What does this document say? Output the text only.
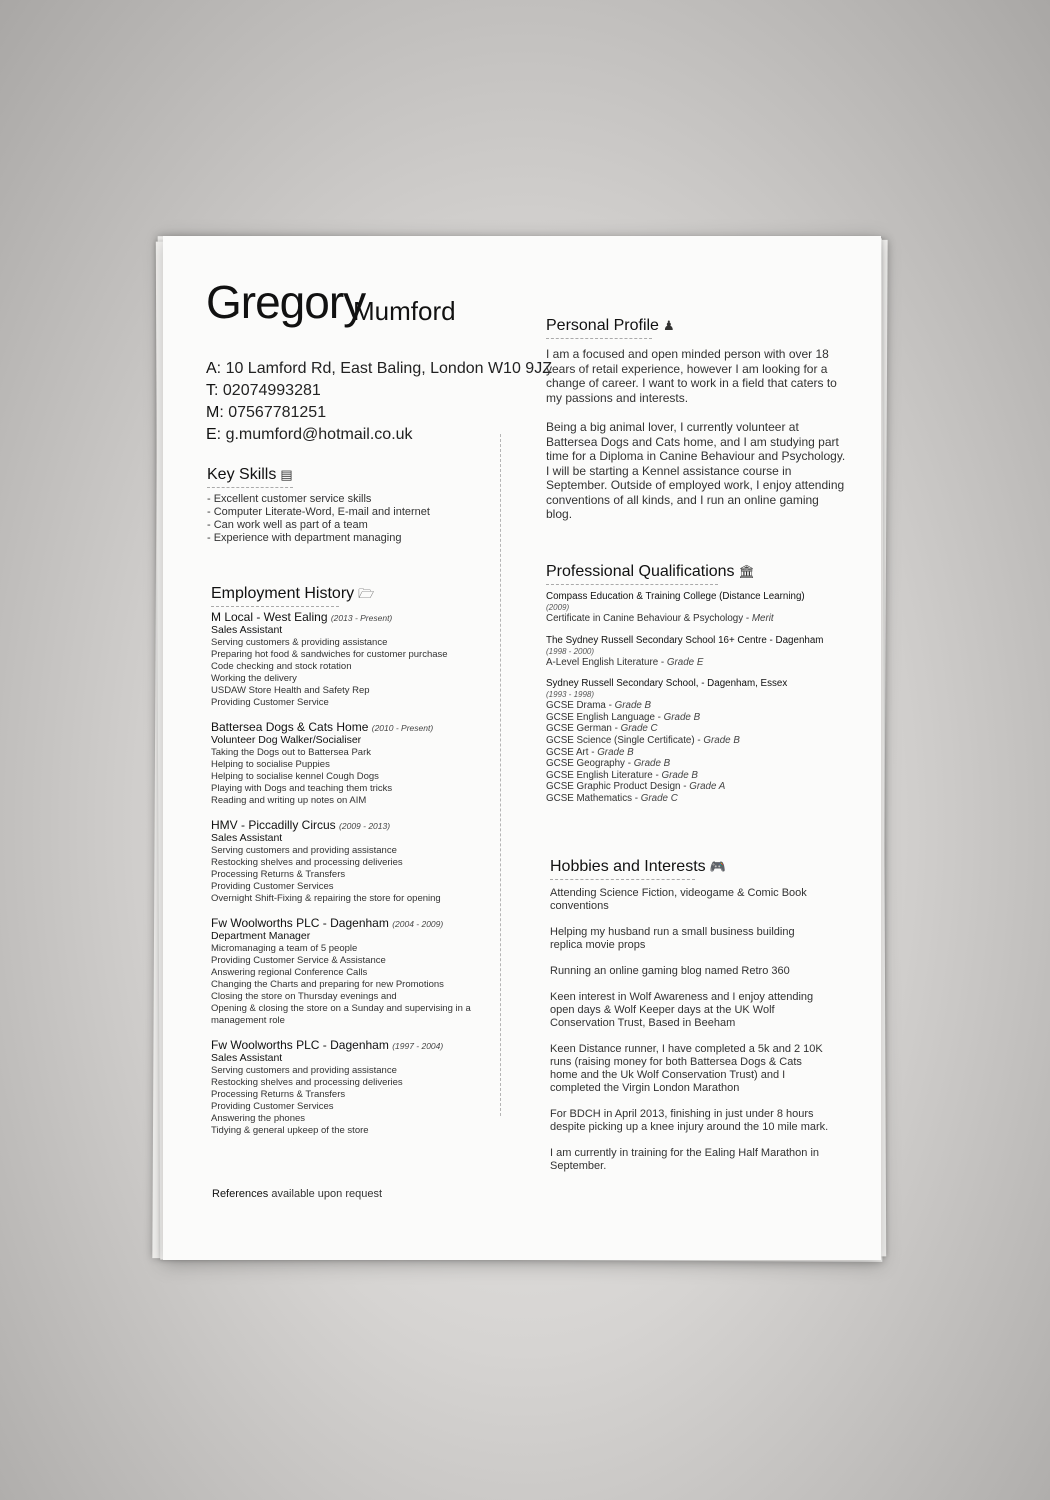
Gregory
Mumford
A: 10 Lamford Rd, East Baling, London W10 9JZ
T: 02074993281
M: 07567781251
E: g.mumford@hotmail.co.uk
Key Skills ▤
- Excellent customer service skills
- Computer Literate-Word, E-mail and internet
- Can work well as part of a team
- Experience with department managing
Employment History 🗁
M Local - West Ealing (2013 - Present)
Sales Assistant
Serving customers & providing assistance
Preparing hot food & sandwiches for customer purchase
Code checking and stock rotation
Working the delivery
USDAW Store Health and Safety Rep
Providing Customer Service
Battersea Dogs & Cats Home (2010 - Present)
Volunteer Dog Walker/Socialiser
Taking the Dogs out to Battersea Park
Helping to socialise Puppies
Helping to socialise kennel Cough Dogs
Playing with Dogs and teaching them tricks
Reading and writing up notes on AIM
HMV - Piccadilly Circus (2009 - 2013)
Sales Assistant
Serving customers and providing assistance
Restocking shelves and processing deliveries
Processing Returns & Transfers
Providing Customer Services
Overnight Shift-Fixing & repairing the store for opening
Fw Woolworths PLC - Dagenham (2004 - 2009)
Department Manager
Micromanaging a team of 5 people
Providing Customer Service & Assistance
Answering regional Conference Calls
Changing the Charts and preparing for new Promotions
Closing the store on Thursday evenings and
Opening & closing the store on a Sunday and supervising in a
management role
Fw Woolworths PLC - Dagenham (1997 - 2004)
Sales Assistant
Serving customers and providing assistance
Restocking shelves and processing deliveries
Processing Returns & Transfers
Providing Customer Services
Answering the phones
Tidying & general upkeep of the store
References available upon request
Personal Profile ♟

I am a focused and open minded person with over 18 years of retail experience, however I am looking for a change of career. I want to work in a field that caters to my passions and interests.

Being a big animal lover, I currently volunteer at Battersea Dogs and Cats home, and I am studying part time for a Diploma in Canine Behaviour and Psychology. I will be starting a Kennel assistance course in September. Outside of employed work, I enjoy attending conventions of all kinds, and I run an online gaming blog.

Professional Qualifications 🏛
Compass Education & Training College (Distance Learning)
(2009)
Certificate in Canine Behaviour & Psychology - Merit
The Sydney Russell Secondary School 16+ Centre - Dagenham
(1998 - 2000)
A-Level English Literature - Grade E
Sydney Russell Secondary School, - Dagenham, Essex
(1993 - 1998)
GCSE Drama - Grade B
GCSE English Language - Grade B
GCSE German - Grade C
GCSE Science (Single Certificate) - Grade B
GCSE Art - Grade B
GCSE Geography - Grade B
GCSE English Literature - Grade B
GCSE Graphic Product Design - Grade A
GCSE Mathematics - Grade C
Hobbies and Interests 🎮

Attending Science Fiction, videogame & Comic Book conventions

Helping my husband run a small business building replica movie props

Running an online gaming blog named Retro 360

Keen interest in Wolf Awareness and I enjoy attending open days & Wolf Keeper days at the UK Wolf Conservation Trust, Based in Beeham

Keen Distance runner, I have completed a 5k and 2 10K runs (raising money for both Battersea Dogs & Cats home and the Uk Wolf Conservation Trust) and I completed the Virgin London Marathon

For BDCH in April 2013, finishing in just under 8 hours despite picking up a knee injury around the 10 mile mark.

I am currently in training for the Ealing Half Marathon in September.
